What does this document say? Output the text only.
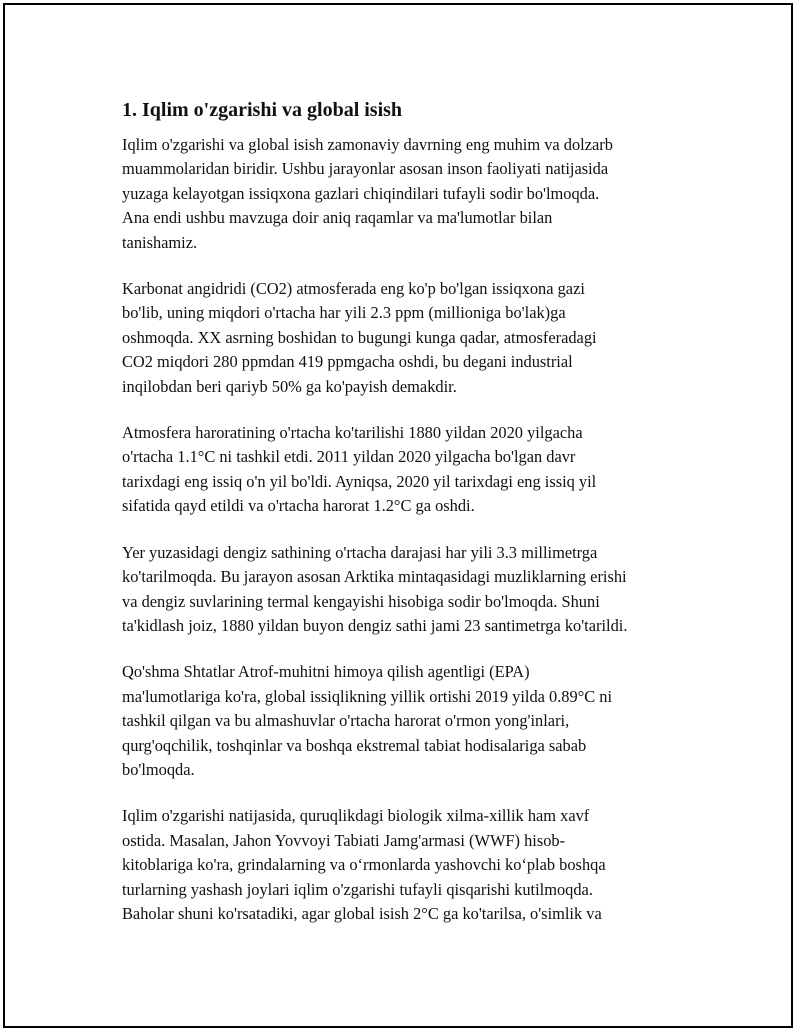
1. Iqlim o'zgarishi va global isish

Iqlim o'zgarishi va global isish zamonaviy davrning eng muhim va dolzarb
muammolaridan biridir. Ushbu jarayonlar asosan inson faoliyati natijasida
yuzaga kelayotgan issiqxona gazlari chiqindilari tufayli sodir bo'lmoqda.
Ana endi ushbu mavzuga doir aniq raqamlar va ma'lumotlar bilan
tanishamiz.

Karbonat angidridi (CO2) atmosferada eng ko'p bo'lgan issiqxona gazi
bo'lib, uning miqdori o'rtacha har yili 2.3 ppm (millioniga bo'lak)ga
oshmoqda. XX asrning boshidan to bugungi kunga qadar, atmosferadagi
CO2 miqdori 280 ppmdan 419 ppmgacha oshdi, bu degani industrial
inqilobdan beri qariyb 50% ga ko'payish demakdir.

Atmosfera haroratining o'rtacha ko'tarilishi 1880 yildan 2020 yilgacha
o'rtacha 1.1°C ni tashkil etdi. 2011 yildan 2020 yilgacha bo'lgan davr
tarixdagi eng issiq o'n yil bo'ldi. Ayniqsa, 2020 yil tarixdagi eng issiq yil
sifatida qayd etildi va o'rtacha harorat 1.2°C ga oshdi.

Yer yuzasidagi dengiz sathining o'rtacha darajasi har yili 3.3 millimetrga
ko'tarilmoqda. Bu jarayon asosan Arktika mintaqasidagi muzliklarning erishi
va dengiz suvlarining termal kengayishi hisobiga sodir bo'lmoqda. Shuni
ta'kidlash joiz, 1880 yildan buyon dengiz sathi jami 23 santimetrga ko'tarildi.

Qo'shma Shtatlar Atrof-muhitni himoya qilish agentligi (EPA)
ma'lumotlariga ko'ra, global issiqlikning yillik ortishi 2019 yilda 0.89°C ni
tashkil qilgan va bu almashuvlar o'rtacha harorat o'rmon yong'inlari,
qurg'oqchilik, toshqinlar va boshqa ekstremal tabiat hodisalariga sabab
bo'lmoqda.

Iqlim o'zgarishi natijasida, quruqlikdagi biologik xilma-xillik ham xavf
ostida. Masalan, Jahon Yovvoyi Tabiati Jamg'armasi (WWF) hisob-
kitoblariga ko'ra, grindalarning va oʻrmonlarda yashovchi koʻplab boshqa
turlarning yashash joylari iqlim o'zgarishi tufayli qisqarishi kutilmoqda.
Baholar shuni ko'rsatadiki, agar global isish 2°C ga ko'tarilsa, o'simlik va
